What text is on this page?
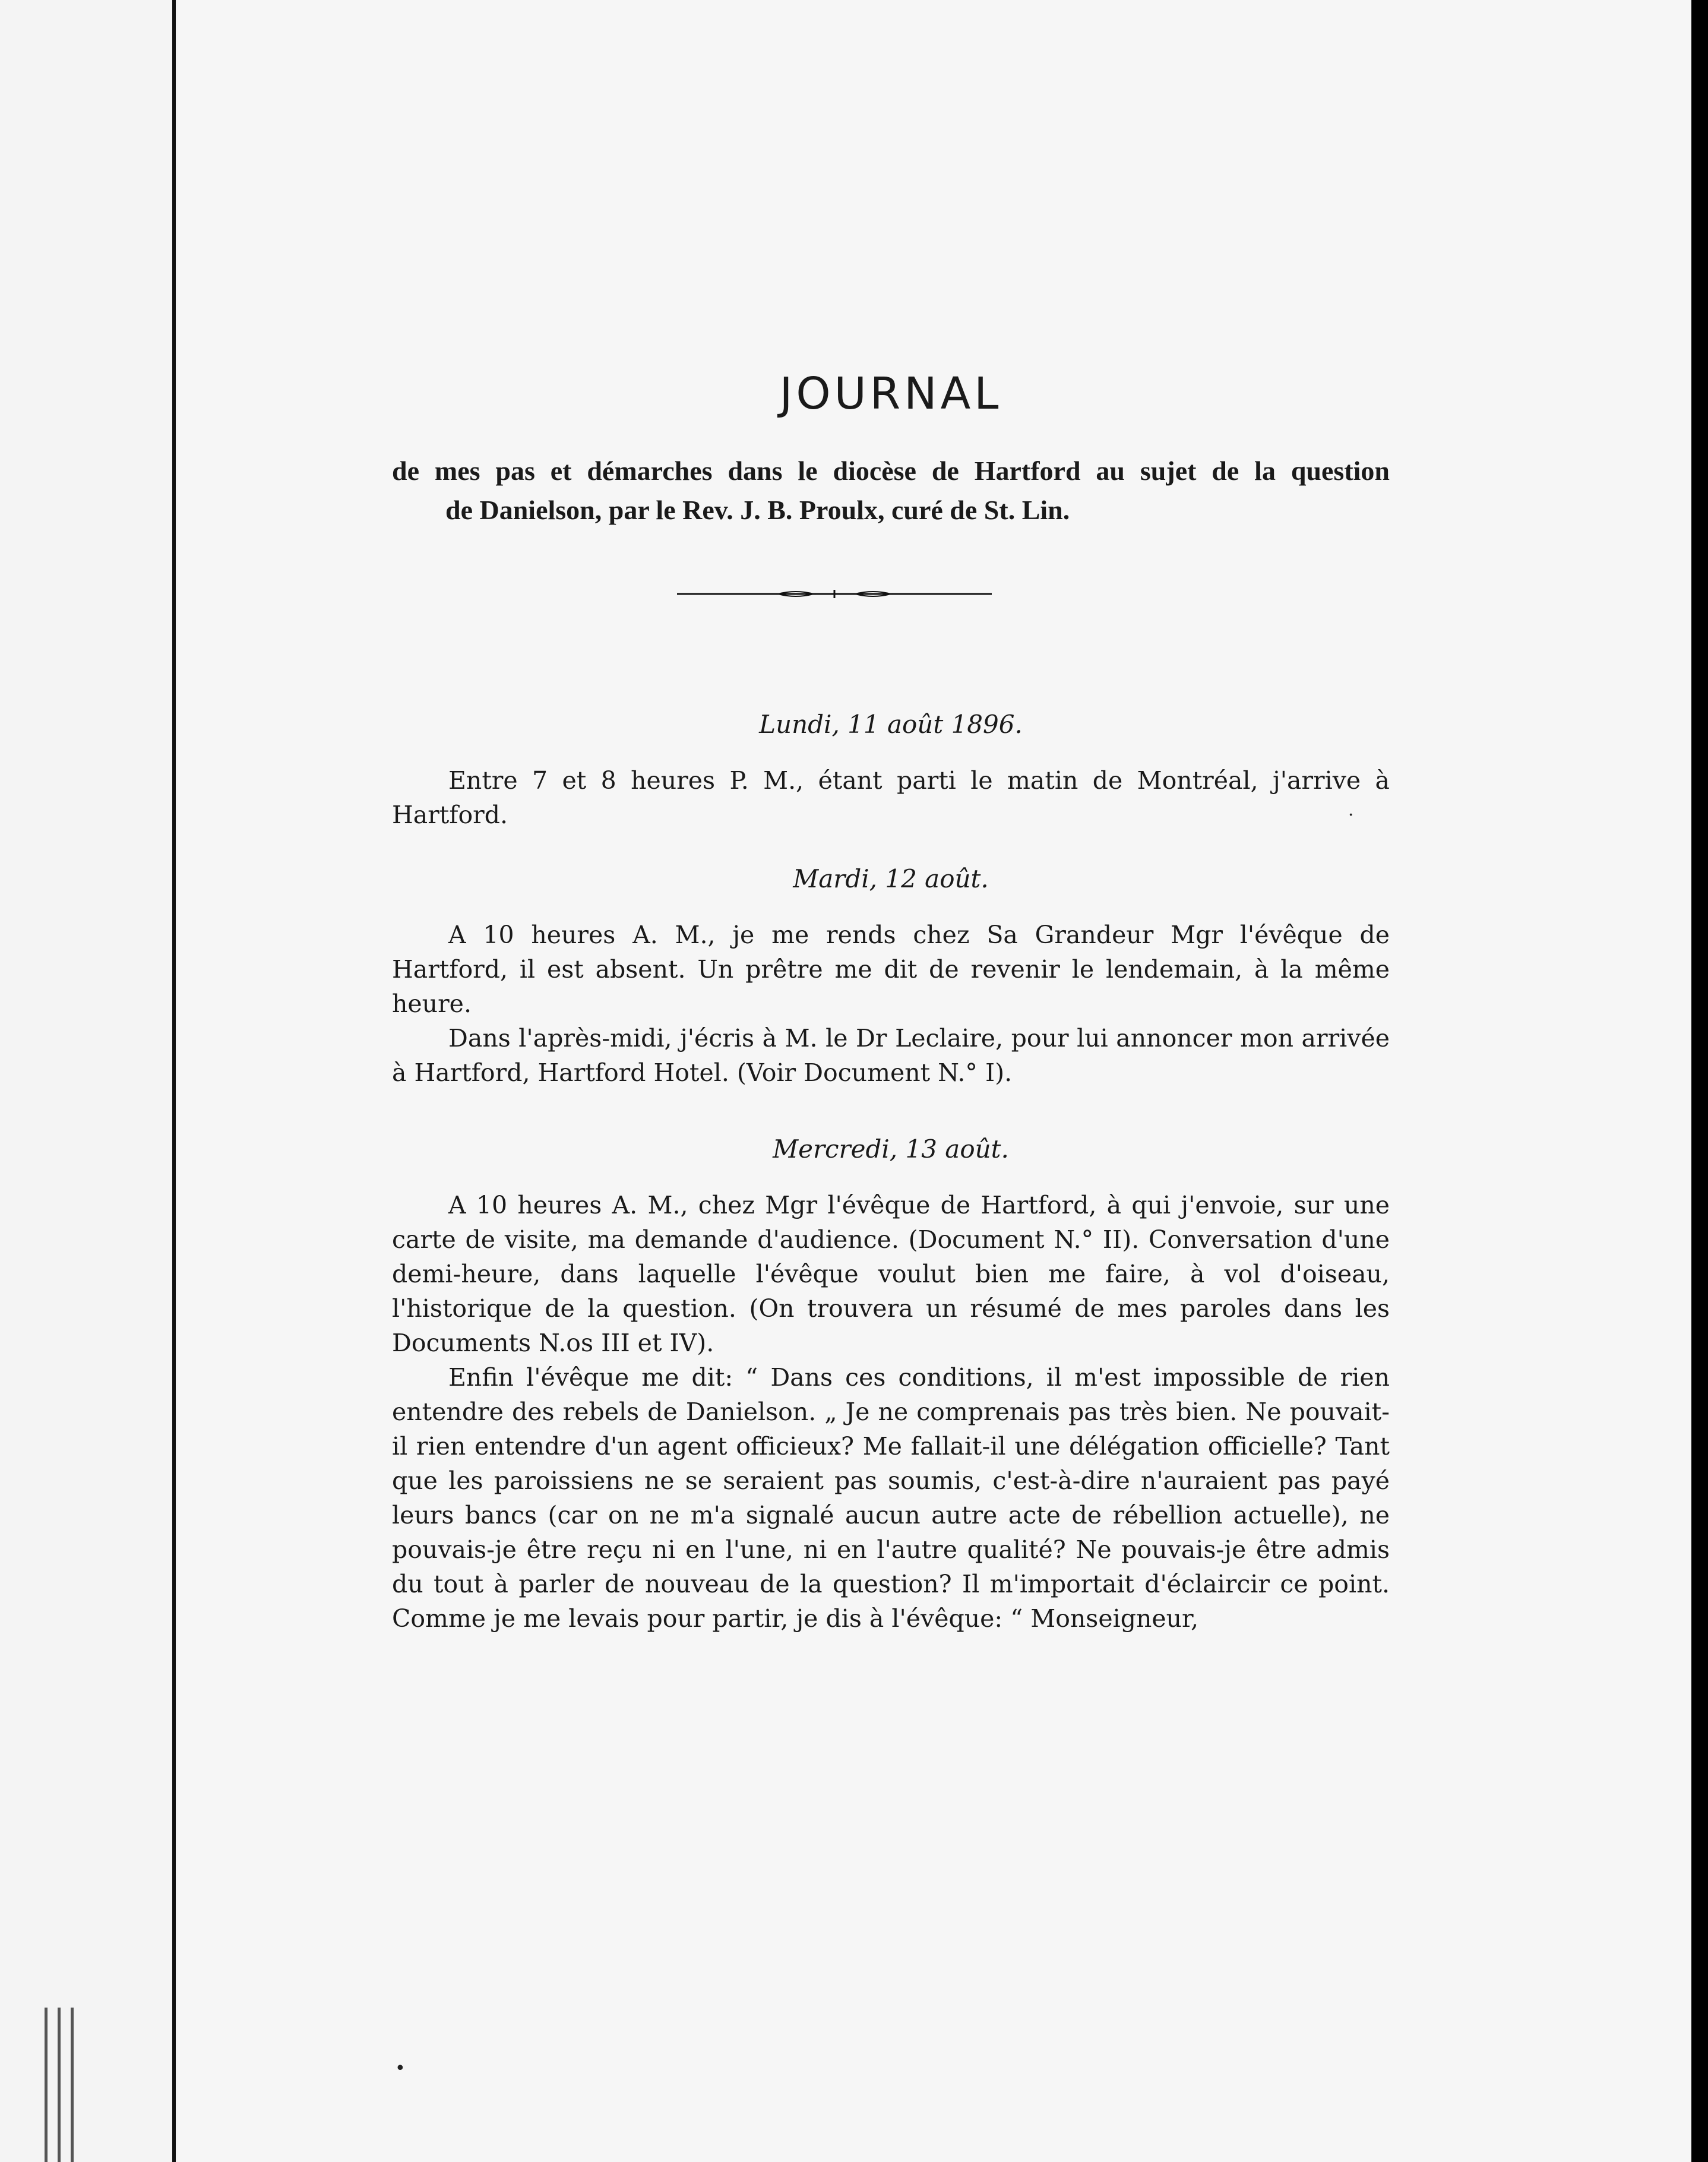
JOURNAL

de mes pas et démarches dans le diocèse de Hartford au sujet de la question
de Danielson, par le Rev. J. B. Proulx, curé de St. Lin.

Lundi, 11 août 1896.

Entre 7 et 8 heures P. M., étant parti le matin de Montréal, j'arrive à Hartford.

Mardi, 12 août.

A 10 heures A. M., je me rends chez Sa Grandeur Mgr l'évêque de Hartford, il est absent. Un prêtre me dit de revenir le lendemain, à la même heure.

Dans l'après-midi, j'écris à M. le Dr Leclaire, pour lui annoncer mon arrivée à Hartford, Hartford Hotel. (Voir Document N.° I).

Mercredi, 13 août.

A 10 heures A. M., chez Mgr l'évêque de Hartford, à qui j'envoie, sur une carte de visite, ma demande d'audience. (Document N.° II). Conversation d'une demi-heure, dans laquelle l'évêque voulut bien me faire, à vol d'oiseau, l'historique de la question. (On trouvera un résumé de mes paroles dans les Documents N.os III et IV).

Enfin l'évêque me dit: “ Dans ces conditions, il m'est impossible de rien entendre des rebels de Danielson. „ Je ne comprenais pas très bien. Ne pouvait-il rien entendre d'un agent officieux? Me fallait-il une délégation officielle? Tant que les paroissiens ne se seraient pas soumis, c'est-à-dire n'auraient pas payé leurs bancs (car on ne m'a signalé aucun autre acte de rébellion actuelle), ne pouvais-je être reçu ni en l'une, ni en l'autre qualité? Ne pouvais-je être admis du tout à parler de nouveau de la question? Il m'importait d'éclaircir ce point. Comme je me levais pour partir, je dis à l'évêque: “ Monseigneur,

·
•
